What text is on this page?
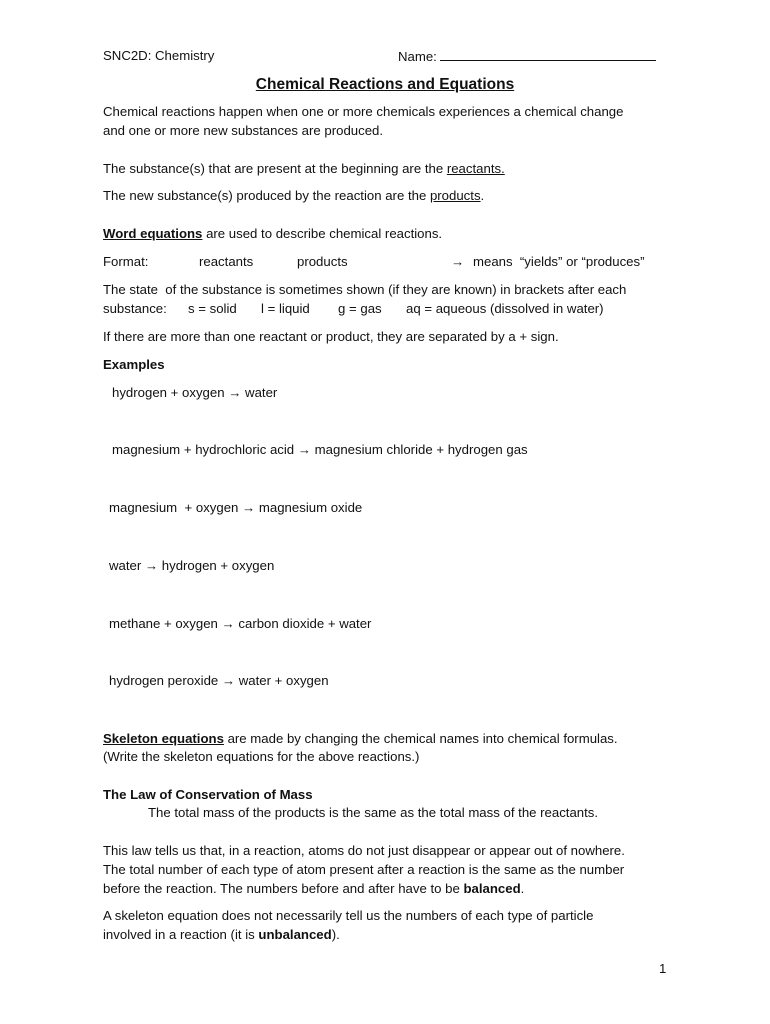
SNC2D: Chemistry	Name:
Chemical Reactions and Equations
Chemical reactions happen when one or more chemicals experiences a chemical change
and one or more new substances are produced.
The substance(s) that are present at the beginning are the reactants.
The new substance(s) produced by the reaction are the products.
Word equations are used to describe chemical reactions.
Format:	reactants	products	→ means  “yields” or “produces”
The state  of the substance is sometimes shown (if they are known) in brackets after each
substance: s = solid l = liquid g = gas aq = aqueous (dissolved in water)
If there are more than one reactant or product, they are separated by a + sign.
Examples
hydrogen + oxygen → water
magnesium + hydrochloric acid → magnesium chloride + hydrogen gas
magnesium  + oxygen → magnesium oxide
water → hydrogen + oxygen
methane + oxygen → carbon dioxide + water
hydrogen peroxide → water + oxygen
Skeleton equations are made by changing the chemical names into chemical formulas.
(Write the skeleton equations for the above reactions.)
The Law of Conservation of Mass
The total mass of the products is the same as the total mass of the reactants.
This law tells us that, in a reaction, atoms do not just disappear or appear out of nowhere.
The total number of each type of atom present after a reaction is the same as the number
before the reaction. The numbers before and after have to be balanced.
A skeleton equation does not necessarily tell us the numbers of each type of particle
involved in a reaction (it is unbalanced).
1
